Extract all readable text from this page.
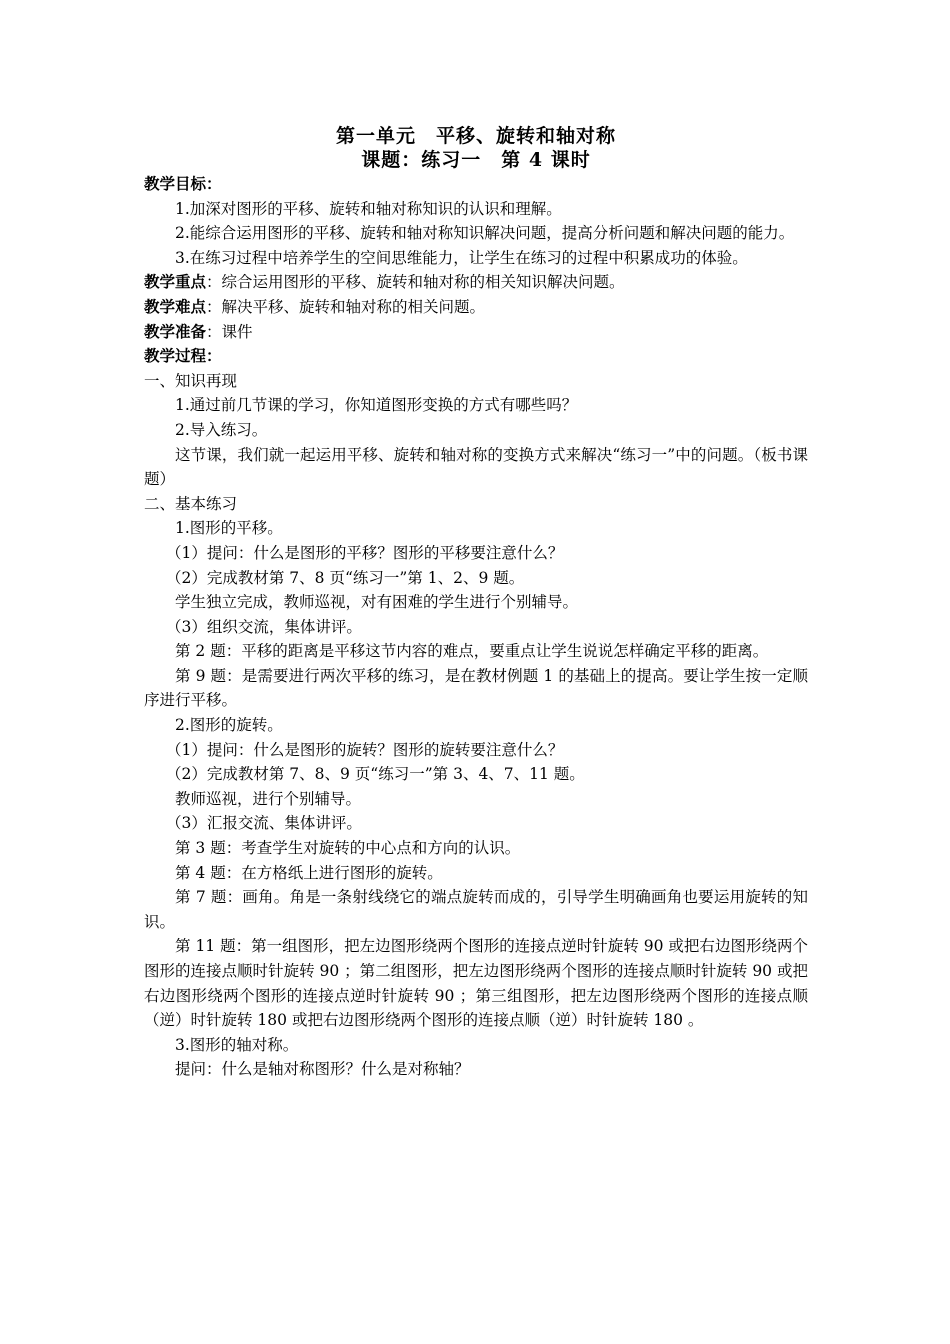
第一单元　平移、旋转和轴对称
课题：练习一　第 4 课时
教学目标：
1.加深对图形的平移、旋转和轴对称知识的认识和理解。
2.能综合运用图形的平移、旋转和轴对称知识解决问题，提高分析问题和解决问题的能力。
3.在练习过程中培养学生的空间思维能力，让学生在练习的过程中积累成功的体验。
教学重点：综合运用图形的平移、旋转和轴对称的相关知识解决问题。
教学难点：解决平移、旋转和轴对称的相关问题。
教学准备：课件
教学过程：
一、知识再现
1.通过前几节课的学习，你知道图形变换的方式有哪些吗？
2.导入练习。
这节课，我们就一起运用平移、旋转和轴对称的变换方式来解决“练习一”中的问题。（板书课题）
二、基本练习
1.图形的平移。
（1）提问：什么是图形的平移？图形的平移要注意什么？
（2）完成教材第 7、8 页“练习一”第 1、2、9 题。
学生独立完成，教师巡视，对有困难的学生进行个别辅导。
（3）组织交流，集体讲评。
第 2 题：平移的距离是平移这节内容的难点，要重点让学生说说怎样确定平移的距离。
第 9 题：是需要进行两次平移的练习，是在教材例题 1 的基础上的提高。要让学生按一定顺序进行平移。
2.图形的旋转。
（1）提问：什么是图形的旋转？图形的旋转要注意什么？
（2）完成教材第 7、8、9 页“练习一”第 3、4、7、11 题。
教师巡视，进行个别辅导。
（3）汇报交流、集体讲评。
第 3 题：考查学生对旋转的中心点和方向的认识。
第 4 题：在方格纸上进行图形的旋转。
第 7 题：画角。角是一条射线绕它的端点旋转而成的，引导学生明确画角也要运用旋转的知识。
第 11 题：第一组图形，把左边图形绕两个图形的连接点逆时针旋转 90 或把右边图形绕两个图形的连接点顺时针旋转 90 ；第二组图形，把左边图形绕两个图形的连接点顺时针旋转 90 或把右边图形绕两个图形的连接点逆时针旋转 90 ；第三组图形，把左边图形绕两个图形的连接点顺（逆）时针旋转 180 或把右边图形绕两个图形的连接点顺（逆）时针旋转 180 。
3.图形的轴对称。
提问：什么是轴对称图形？什么是对称轴？
